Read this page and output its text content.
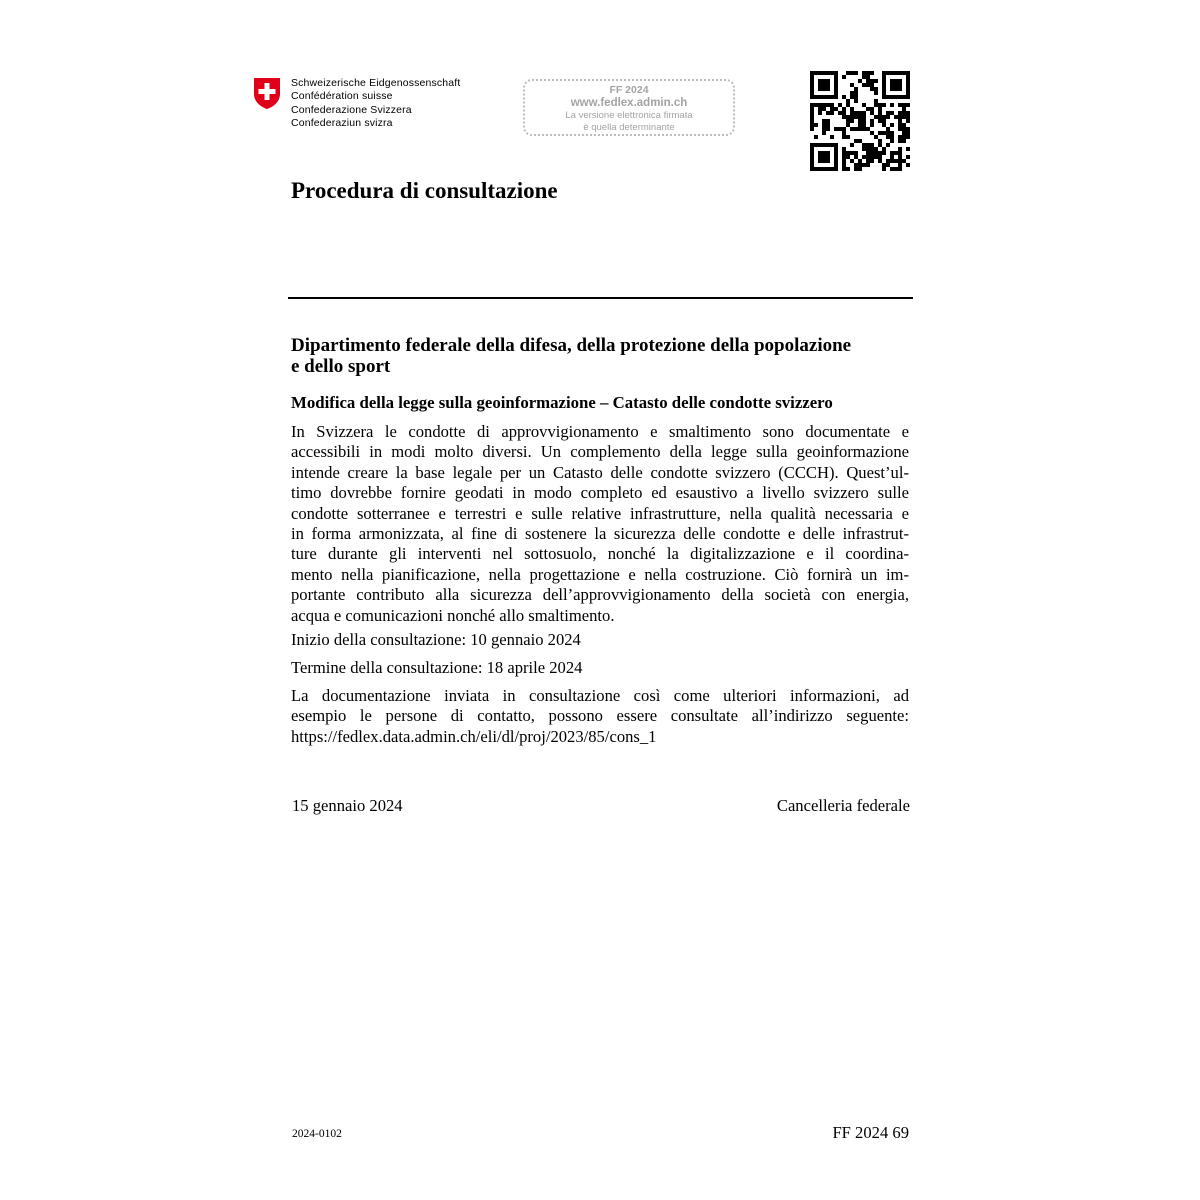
Schweizerische Eidgenossenschaft
Confédération suisse
Confederazione Svizzera
Confederaziun svizra
FF 2024
www.fedlex.admin.ch
La versione elettronica firmata
è quella determinante
Procedura di consultazione
Dipartimento federale della difesa, della protezione della popolazione
e dello sport
Modifica della legge sulla geoinformazione – Catasto delle condotte svizzero
In Svizzera le condotte di approvvigionamento e smaltimento sono documentate e
accessibili in modi molto diversi. Un complemento della legge sulla geoinformazione
intende creare la base legale per un Catasto delle condotte svizzero (CCCH). Quest’ul-
timo dovrebbe fornire geodati in modo completo ed esaustivo a livello svizzero sulle
condotte sotterranee e terrestri e sulle relative infrastrutture, nella qualità necessaria e
in forma armonizzata, al fine di sostenere la sicurezza delle condotte e delle infrastrut-
ture durante gli interventi nel sottosuolo, nonché la digitalizzazione e il coordina-
mento nella pianificazione, nella progettazione e nella costruzione. Ciò fornirà un im-
portante contributo alla sicurezza dell’approvvigionamento della società con energia,
acqua e comunicazioni nonché allo smaltimento.
Inizio della consultazione: 10 gennaio 2024
Termine della consultazione: 18 aprile 2024
La documentazione inviata in consultazione così come ulteriori informazioni, ad
esempio le persone di contatto, possono essere consultate all’indirizzo seguente:
https://fedlex.data.admin.ch/eli/dl/proj/2023/85/cons_1
15 gennaio 2024	Cancelleria federale
2024-0102	FF 2024 69
